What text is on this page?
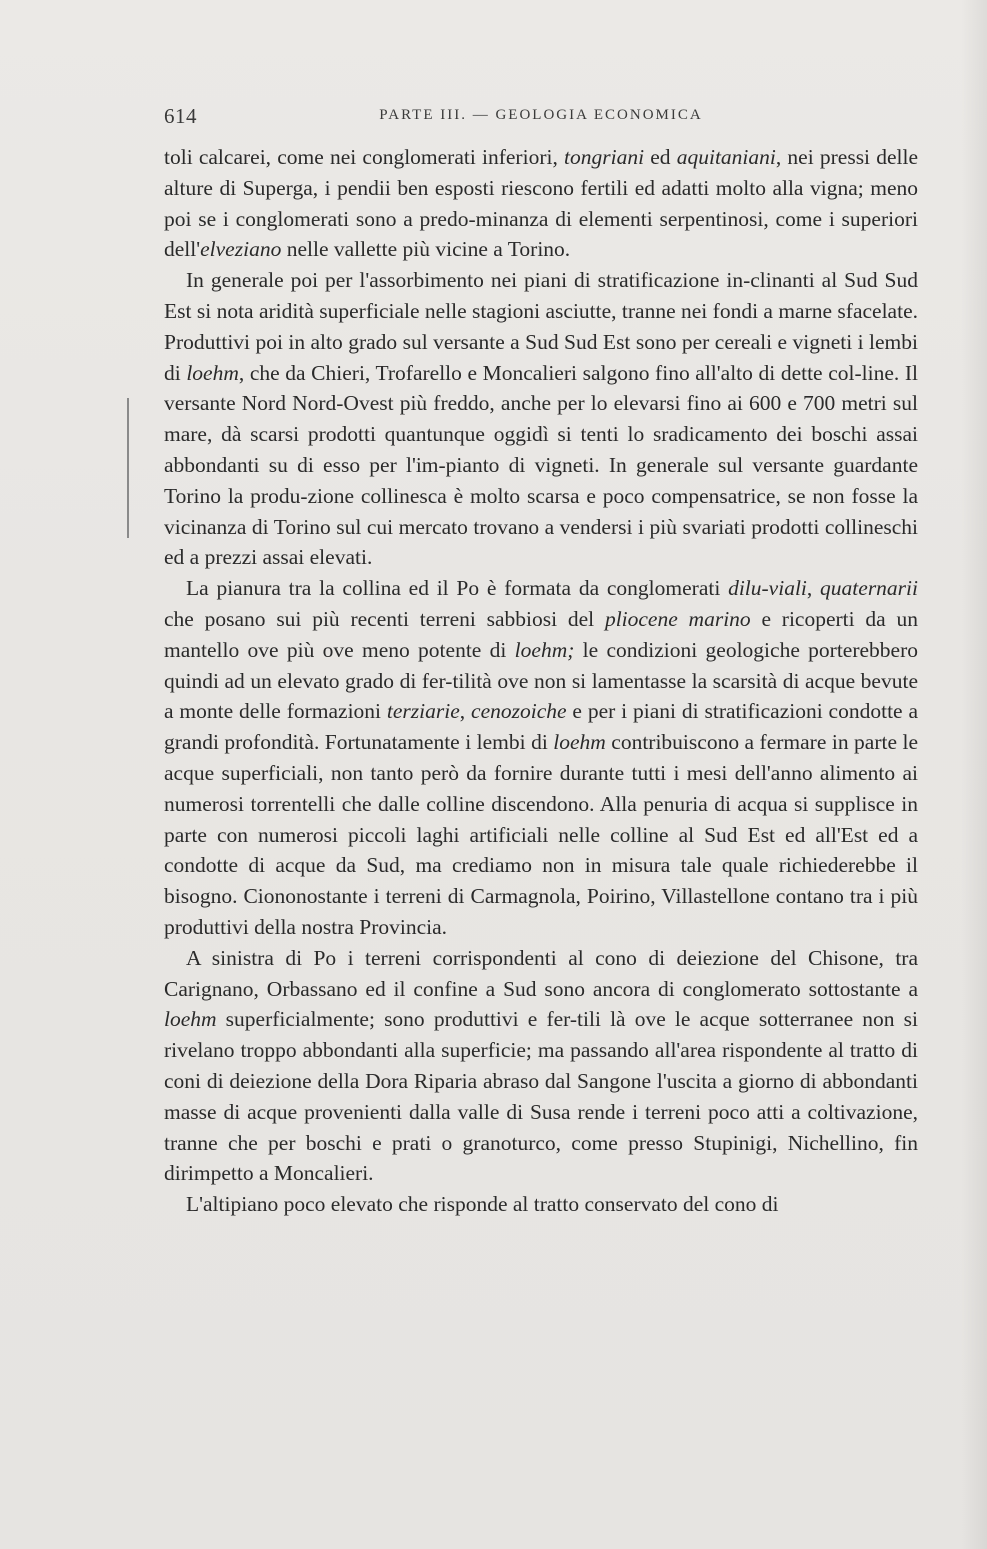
614	PARTE III. — GEOLOGIA ECONOMICA

toli calcarei, come nei conglomerati inferiori, tongriani ed aquitaniani, nei pressi delle alture di Superga, i pendii ben esposti riescono fertili ed adatti molto alla vigna; meno poi se i conglomerati sono a predo-minanza di elementi serpentinosi, come i superiori dell'elveziano nelle vallette più vicine a Torino.

In generale poi per l'assorbimento nei piani di stratificazione in-clinanti al Sud Sud Est si nota aridità superficiale nelle stagioni asciutte, tranne nei fondi a marne sfacelate. Produttivi poi in alto grado sul versante a Sud Sud Est sono per cereali e vigneti i lembi di loehm, che da Chieri, Trofarello e Moncalieri salgono fino all'alto di dette col-line. Il versante Nord Nord-Ovest più freddo, anche per lo elevarsi fino ai 600 e 700 metri sul mare, dà scarsi prodotti quantunque oggidì si tenti lo sradicamento dei boschi assai abbondanti su di esso per l'im-pianto di vigneti. In generale sul versante guardante Torino la produ-zione collinesca è molto scarsa e poco compensatrice, se non fosse la vicinanza di Torino sul cui mercato trovano a vendersi i più svariati prodotti collineschi ed a prezzi assai elevati.

La pianura tra la collina ed il Po è formata da conglomerati dilu-viali, quaternarii che posano sui più recenti terreni sabbiosi del pliocene marino e ricoperti da un mantello ove più ove meno potente di loehm; le condizioni geologiche porterebbero quindi ad un elevato grado di fer-tilità ove non si lamentasse la scarsità di acque bevute a monte delle formazioni terziarie, cenozoiche e per i piani di stratificazioni condotte a grandi profondità. Fortunatamente i lembi di loehm contribuiscono a fermare in parte le acque superficiali, non tanto però da fornire durante tutti i mesi dell'anno alimento ai numerosi torrentelli che dalle colline discendono. Alla penuria di acqua si supplisce in parte con numerosi piccoli laghi artificiali nelle colline al Sud Est ed all'Est ed a condotte di acque da Sud, ma crediamo non in misura tale quale richiederebbe il bisogno. Ciononostante i terreni di Carmagnola, Poirino, Villastellone contano tra i più produttivi della nostra Provincia.

A sinistra di Po i terreni corrispondenti al cono di deiezione del Chisone, tra Carignano, Orbassano ed il confine a Sud sono ancora di conglomerato sottostante a loehm superficialmente; sono produttivi e fer-tili là ove le acque sotterranee non si rivelano troppo abbondanti alla superficie; ma passando all'area rispondente al tratto di coni di deiezione della Dora Riparia abraso dal Sangone l'uscita a giorno di abbondanti masse di acque provenienti dalla valle di Susa rende i terreni poco atti a coltivazione, tranne che per boschi e prati o granoturco, come presso Stupinigi, Nichellino, fin dirimpetto a Moncalieri.

L'altipiano poco elevato che risponde al tratto conservato del cono di
